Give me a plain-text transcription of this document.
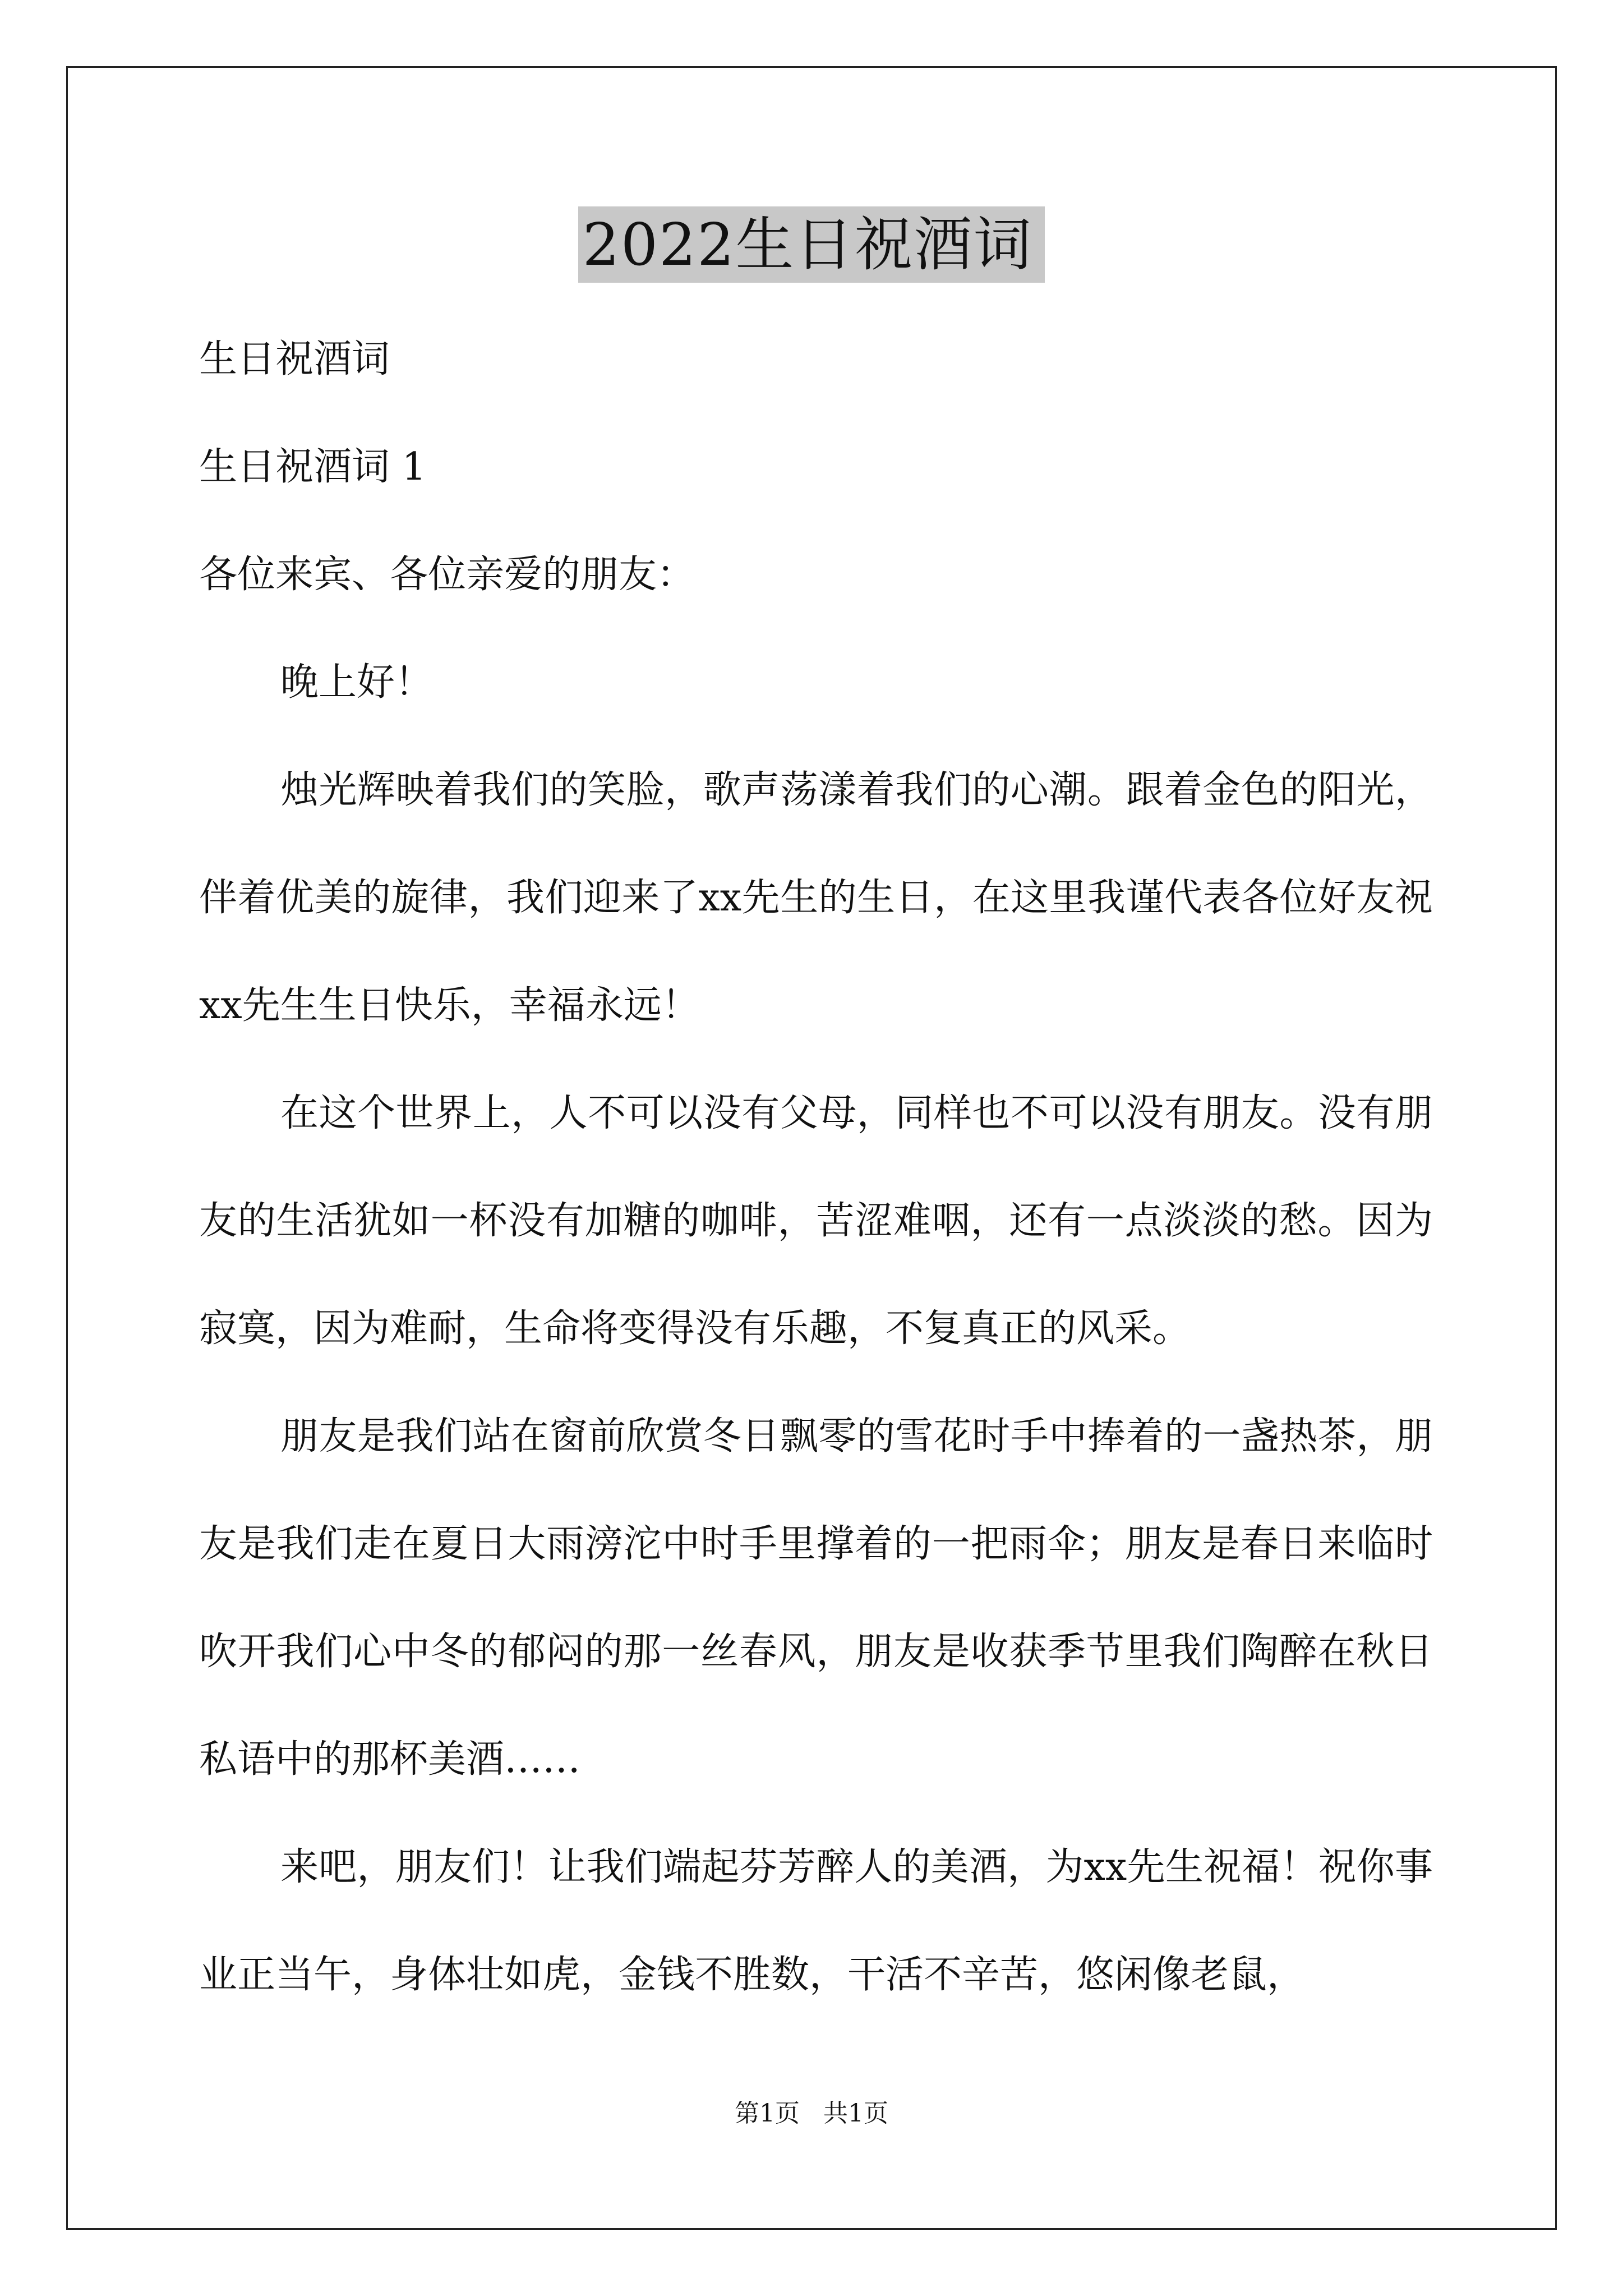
2022生日祝酒词

生日祝酒词

生日祝酒词 1

各位来宾、各位亲爱的朋友：

晚上好！

烛光辉映着我们的笑脸，歌声荡漾着我们的心潮。跟着金色的阳光，伴着优美的旋律，我们迎来了xx先生的生日，在这里我谨代表各位好友祝xx先生生日快乐，幸福永远！

在这个世界上，人不可以没有父母，同样也不可以没有朋友。没有朋友的生活犹如一杯没有加糖的咖啡，苦涩难咽，还有一点淡淡的愁。因为寂寞，因为难耐，生命将变得没有乐趣，不复真正的风采。

朋友是我们站在窗前欣赏冬日飘零的雪花时手中捧着的一盏热茶，朋友是我们走在夏日大雨滂沱中时手里撑着的一把雨伞；朋友是春日来临时吹开我们心中冬的郁闷的那一丝春风，朋友是收获季节里我们陶醉在秋日私语中的那杯美酒……

来吧，朋友们！让我们端起芬芳醉人的美酒，为xx先生祝福！祝你事业正当午，身体壮如虎，金钱不胜数，干活不辛苦，悠闲像老鼠，

第1页   共1页
